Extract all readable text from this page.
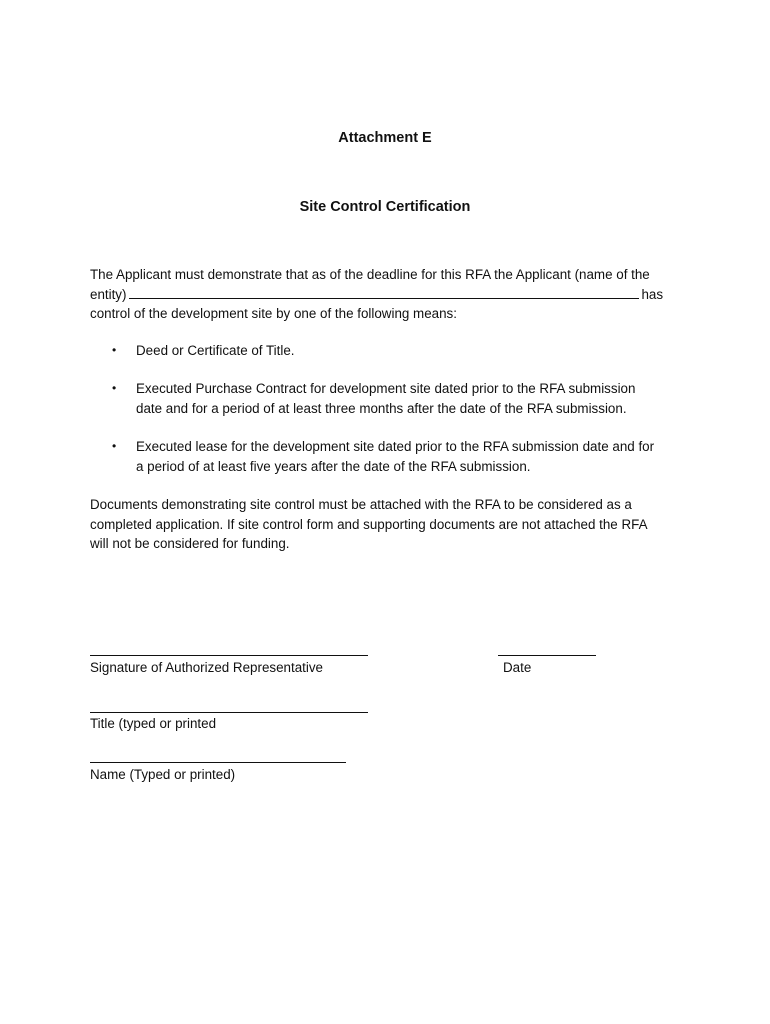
Attachment E
Site Control Certification
The Applicant must demonstrate that as of the deadline for this RFA the Applicant (name of the
entity)	has
control of the development site by one of the following means:
• Deed or Certificate of Title.
• Executed Purchase Contract for development site dated prior to the RFA submission
date and for a period of at least three months after the date of the RFA submission.
• Executed lease for the development site dated prior to the RFA submission date and for
a period of at least five years after the date of the RFA submission.
Documents demonstrating site control must be attached with the RFA to be considered as a
completed application. If site control form and supporting documents are not attached the RFA
will not be considered for funding.
Signature of Authorized Representative	Date
Title (typed or printed
Name (Typed or printed)
